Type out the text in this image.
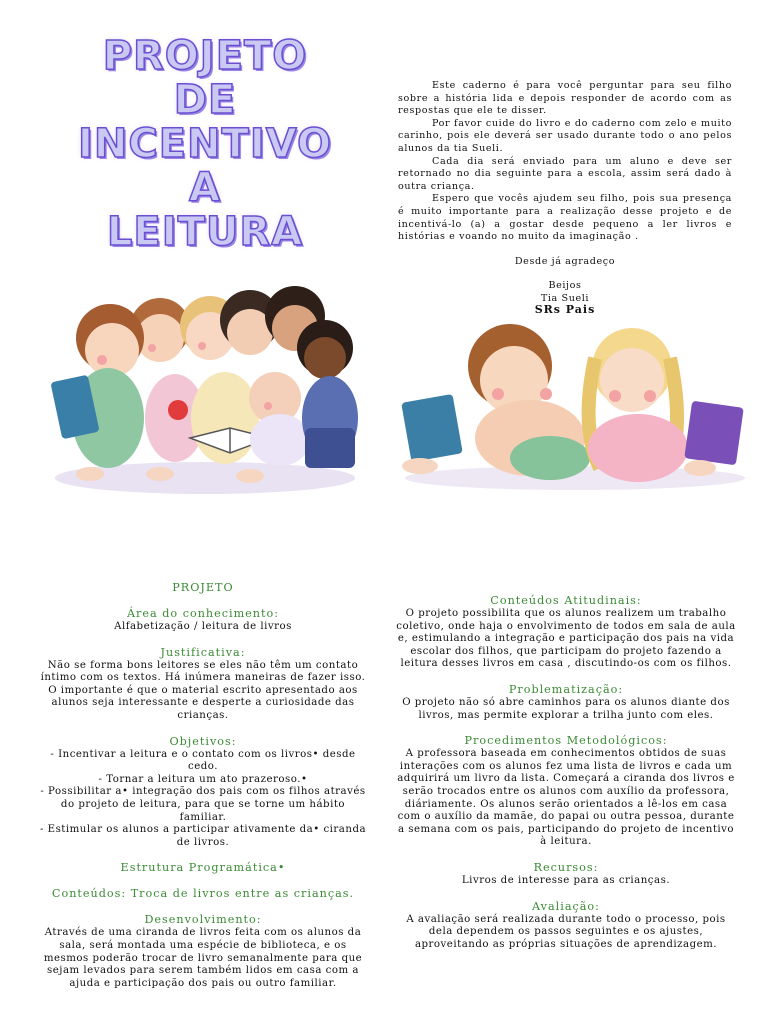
PROJETO
DE
INCENTIVO
A
LEITURA
SRs Pais

Este caderno é para você perguntar para seu filho sobre a história lida e depois responder de acordo com as respostas que ele te disser.

Por favor cuide do livro e do caderno com zelo e muito carinho, pois ele deverá ser usado durante todo o ano pelos alunos da tia Sueli.

Cada dia será enviado para um aluno e deve ser retornado no dia seguinte para a escola, assim será dado à outra criança.

Espero que vocês ajudem seu filho, pois sua presença é muito importante para a realização desse projeto e de incentivá-lo (a) a gostar desde pequeno a ler livros e histórias e voando no muito da imaginação .

Desde já agradeço
Beijos
Tia Sueli
PROJETO
Área do conhecimento:
Alfabetização / leitura de livros
Justificativa:
Não se forma bons leitores se eles não têm um contato íntimo com os textos. Há inúmera maneiras de fazer isso. O importante é que o material escrito apresentado aos alunos seja interessante e desperte a curiosidade das crianças.
Objetivos:
- Incentivar a leitura e o contato com os livros• desde cedo.
- Tornar a leitura um ato prazeroso.•
- Possibilitar a• integração dos pais com os filhos através do projeto de leitura, para que se torne um hábito familiar.
- Estimular os alunos a participar ativamente da• ciranda de livros.
Estrutura Programática•
Conteúdos: Troca de livros entre as crianças.
Desenvolvimento:
Através de uma ciranda de livros feita com os alunos da sala, será montada uma espécie de biblioteca, e os mesmos poderão trocar de livro semanalmente para que sejam levados para serem também lidos em casa com a ajuda e participação dos pais ou outro familiar.
Conteúdos Atitudinais:
O projeto possibilita que os alunos realizem um trabalho coletivo, onde haja o envolvimento de todos em sala de aula e, estimulando a integração e participação dos pais na vida escolar dos filhos, que participam do projeto fazendo a leitura desses livros em casa , discutindo-os com os filhos.
Problematização:
O projeto não só abre caminhos para os alunos diante dos livros, mas permite explorar a trilha junto com eles.
Procedimentos Metodológicos:
A professora baseada em conhecimentos obtidos de suas interações com os alunos fez uma lista de livros e cada um adquirirá um livro da lista. Começará a ciranda dos livros e serão trocados entre os alunos com auxílio da professora, diáriamente. Os alunos serão orientados a lê-los em casa com o auxílio da mamãe, do papai ou outra pessoa, durante a semana com os pais, participando do projeto de incentivo à leitura.
Recursos:
Livros de interesse para as crianças.
Avaliação:
A avaliação será realizada durante todo o processo, pois dela dependem os passos seguintes e os ajustes, aproveitando as próprias situações de aprendizagem.
